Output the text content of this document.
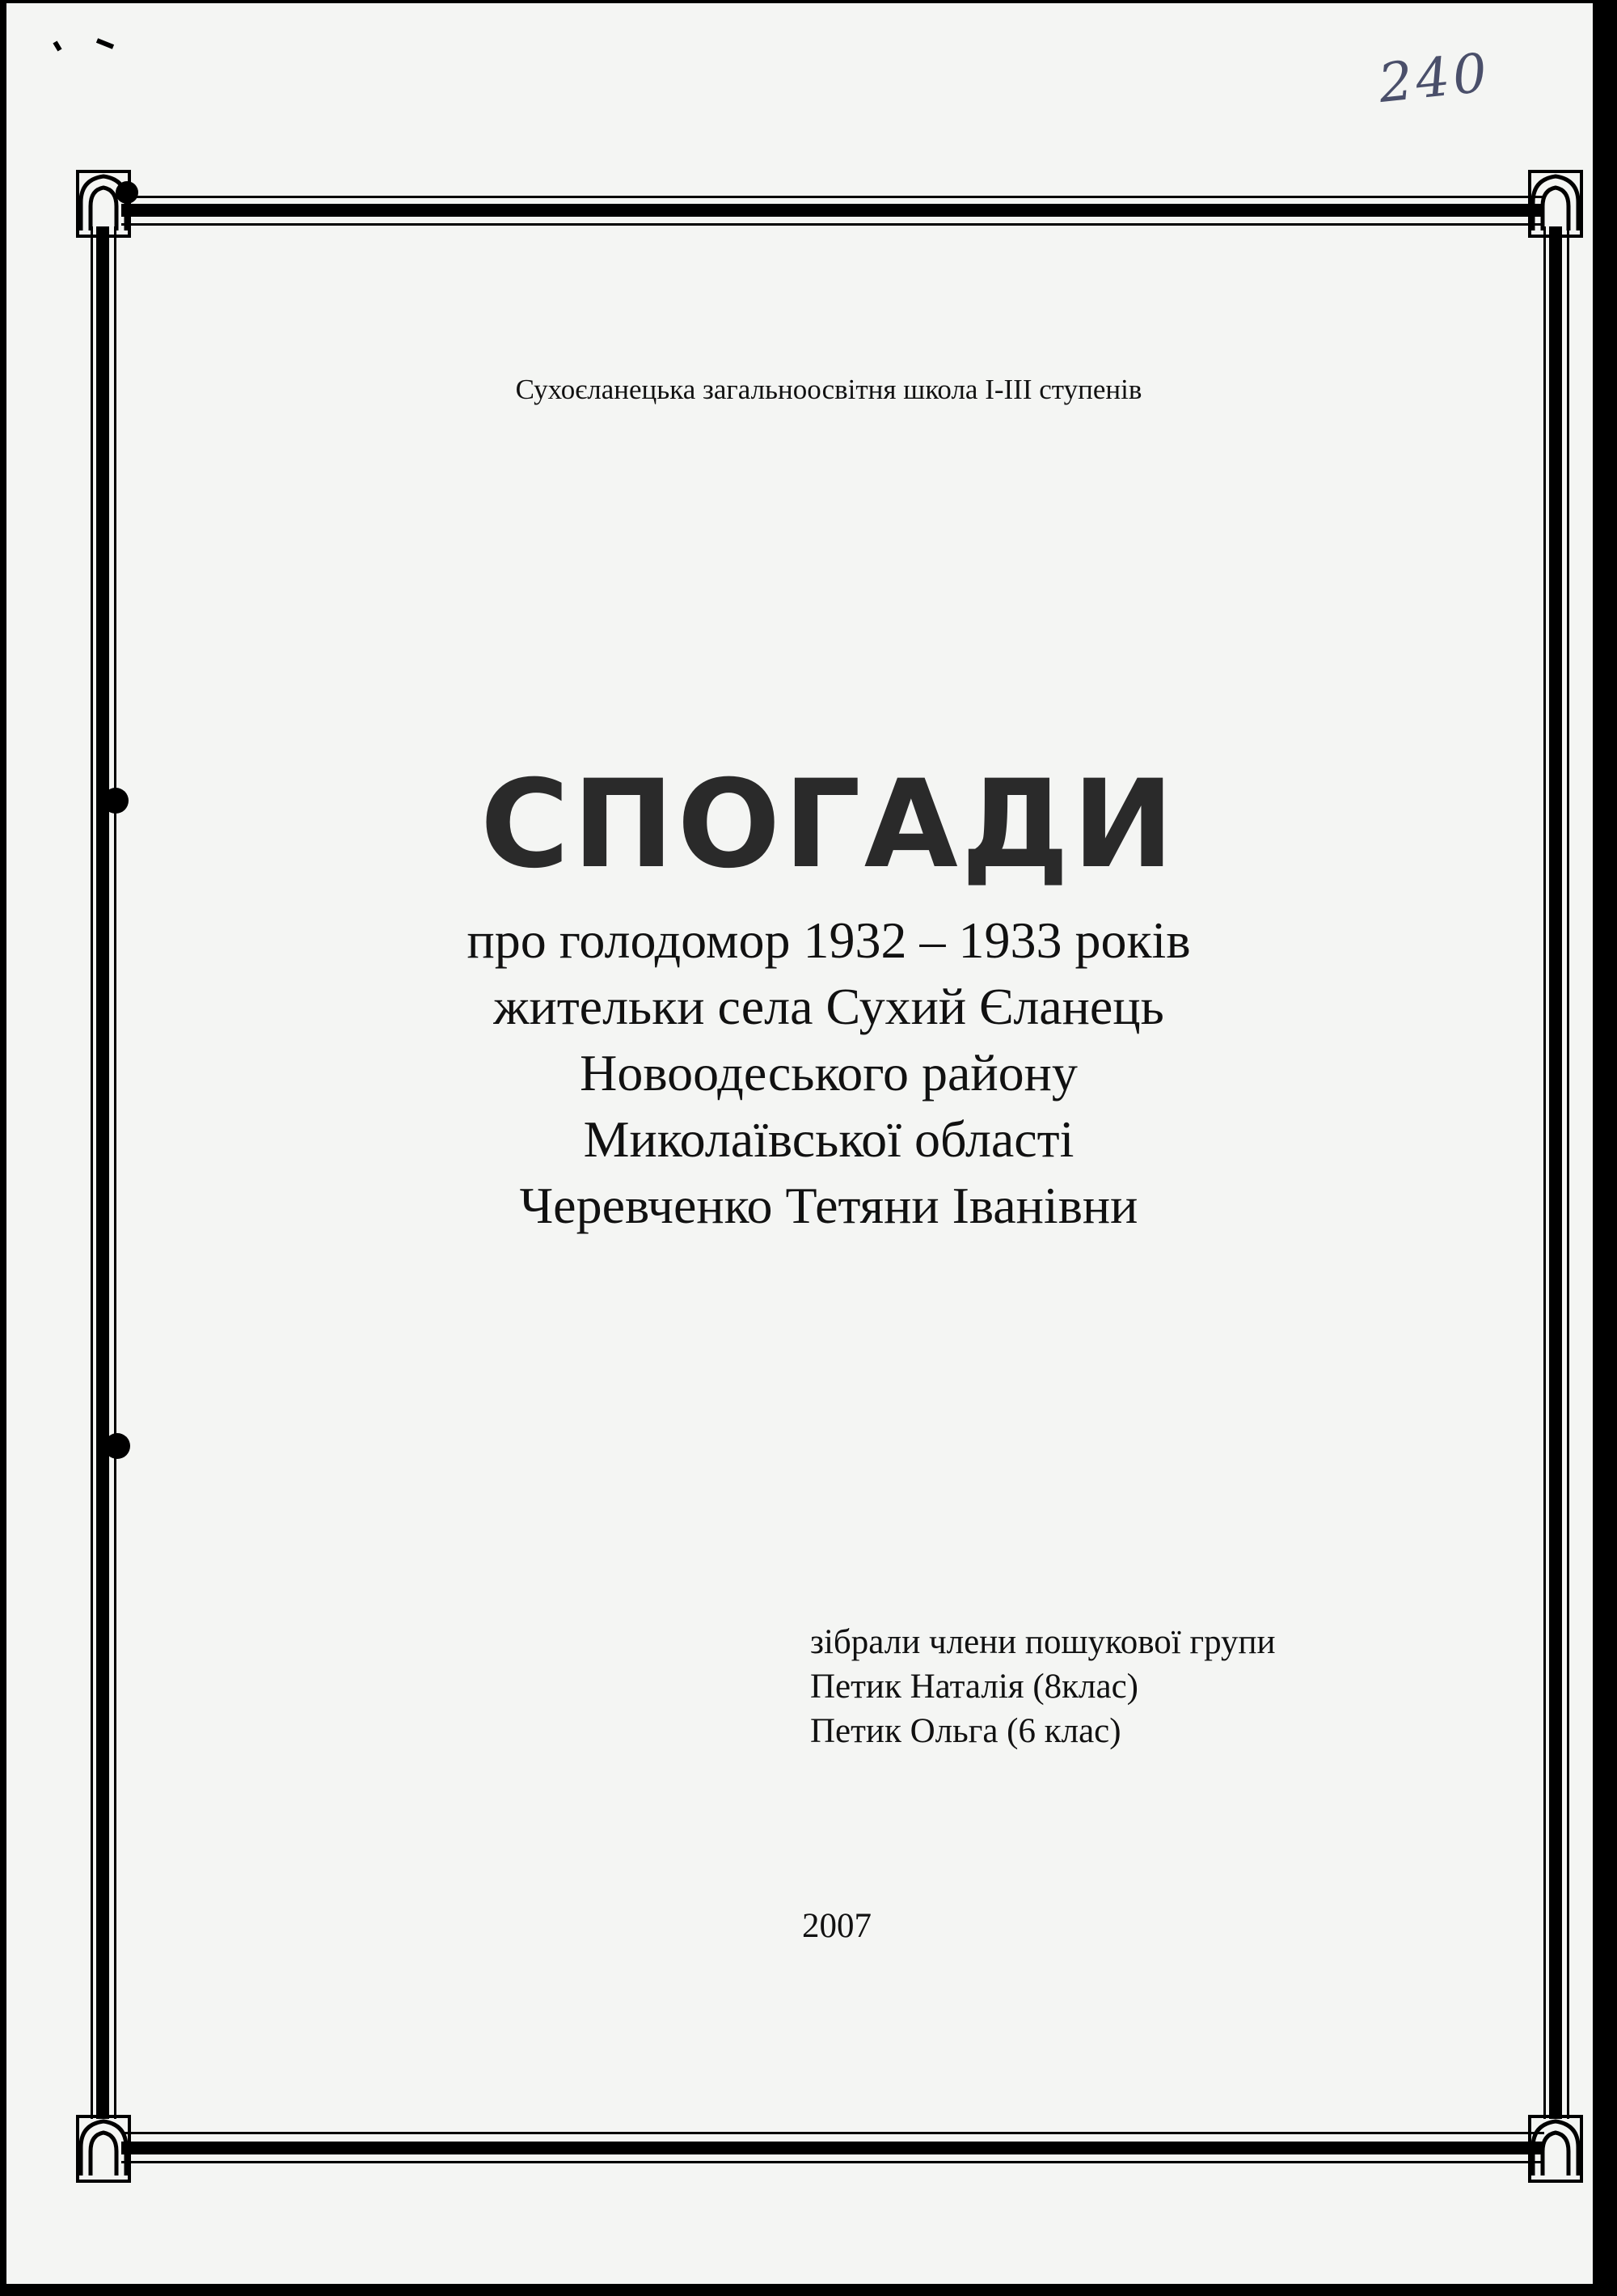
240
Сухоєланецька загальноосвітня школа І-ІІІ ступенів
СПОГАДИ
про голодомор 1932 – 1933 років
жительки села Сухий Єланець
Новоодеського району
Миколаївської області
Черевченко Тетяни Іванівни
зібрали члени пошукової групи
Петик Наталія (8клас)
Петик Ольга (6 клас)
2007
